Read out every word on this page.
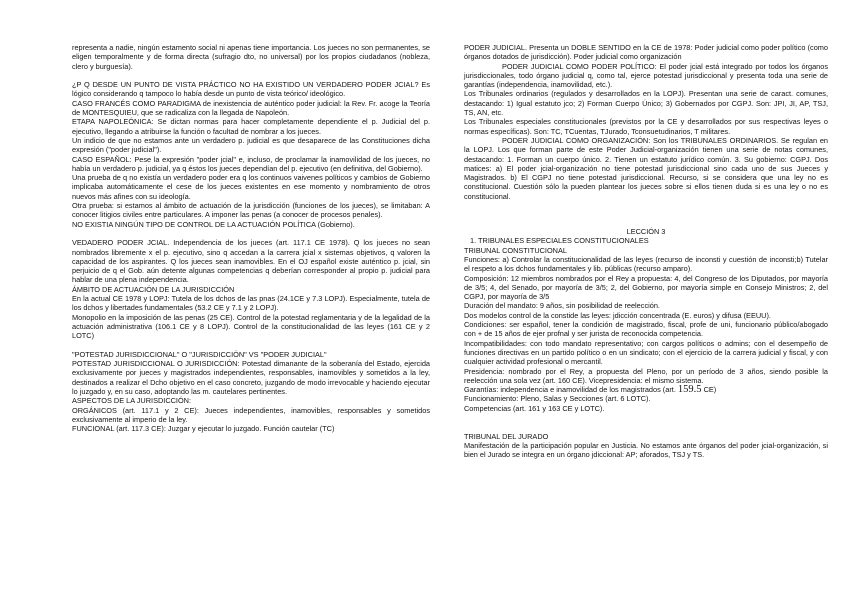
representa a nadie, ningún estamento social ni apenas tiene importancia. Los jueces no son permanentes, se eligen temporalmente y de forma directa (sufragio dto, no universal) por los propios ciudadanos (nobleza, clero y burguesía).

¿P Q DESDE UN PUNTO DE VISTA PRÁCTICO NO HA EXISTIDO UN VERDADERO PODER JCIAL? Es lógico considerando q tampoco lo había desde un punto de vista teórico/ ideológico.

CASO FRANCÉS COMO PARADIGMA de inexistencia de auténtico poder judicial: la Rev. Fr. acoge la Teoría de MONTESQUIEU, que se radicaliza con la llegada de Napoleón.

ETAPA NAPOLEÓNICA: Se dictan normas para hacer completamente dependiente el p. Judicial del p. ejecutivo, llegando a atribuirse la función o facultad de nombrar a los jueces.

Un indicio de que no estamos ante un verdadero p. judicial es que desaparece de las Constituciones dicha expresión ("poder judicial").

CASO ESPAÑOL: Pese la expresión "poder jcial" e, incluso, de proclamar la inamovilidad de los jueces, no había un verdadero p. judicial, ya q éstos los jueces dependían del p. ejecutivo (en definitiva, del Gobierno).

Una prueba de q no existía un verdadero poder era q los continuos vaivenes políticos y cambios de Gobierno implicaba automáticamente el cese de los jueces existentes en ese momento y nombramiento de otros nuevos más afines con su ideología.

Otra prueba: si estamos al ámbito de actuación de la jurisdicción (funciones de los jueces), se limitaban: A conocer litigios civiles entre particulares. A imponer las penas (a conocer de procesos penales).

NO EXISTIA NINGÚN TIPO DE CONTROL DE LA ACTUACIÓN POLÍTICA (Gobierno).

VEDADERO PODER JCIAL. Independencia de los jueces (art. 117.1 CE 1978). Q los jueces no sean nombrados libremente x el p. ejecutivo, sino q accedan a la carrera jcial x sistemas objetivos, q valoren la capacidad de los aspirantes. Q los jueces sean inamovibles. En el OJ español existe auténtico p. jcial, sin perjuicio de q el Gob. aún detente algunas competencias q deberían corresponder al propio p. judicial para hablar de una plena independencia.

ÁMBITO DE ACTUACIÓN DE LA JURISDICCIÓN

En la actual CE 1978 y LOPJ: Tutela de los dchos de las pnas (24.1CE y 7.3 LOPJ). Especialmente, tutela de los dchos y libertades fundamentales (53.2 CE y 7.1 y 2 LOPJ).

Monopolio en la imposición de las penas (25 CE). Control de la potestad reglamentaria y de la legalidad de la actuación administrativa (106.1 CE y 8 LOPJ). Control de la constitucionalidad de las leyes (161 CE y 2 LOTC)

"POTESTAD JURISDICCIONAL" O "JURISDICCIÓN" VS "PODER JUDICIAL"

POTESTAD JURISDICCIONAL O JURISDICCIÓN: Potestad dimanante de la soberanía del Estado, ejercida exclusivamente por jueces y magistrados independientes, responsables, inamovibles y sometidos a la ley, destinados a realizar el Dcho objetivo en el caso concreto, juzgando de modo irrevocable y haciendo ejecutar lo juzgado y, en su caso, adoptando las m. cautelares pertinentes.

ASPECTOS DE LA JURISDICCIÓN:

ORGÁNICOS (art. 117.1 y 2 CE): Jueces independientes, inamovibles, responsables y sometidos exclusivamente al imperio de la ley.

FUNCIONAL (art. 117.3 CE): Juzgar y ejecutar lo juzgado. Función cautelar (TC)

PODER JUDICIAL. Presenta un DOBLE SENTIDO en la CE de 1978: Poder judicial como poder político (como órganos dotados de jurisdicción). Poder judicial como organización

PODER JUDICIAL COMO PODER POLÍTICO: El poder jcial está integrado por todos los órganos jurisdiccionales, todo órgano judicial q, como tal, ejerce potestad jurisdiccional y presenta toda una serie de garantías (independencia, inamovilidad, etc.).

Los Tribunales ordinarios (regulados y desarrollados en la LOPJ). Presentan una serie de caract. comunes, destacando: 1) Igual estatuto jco; 2) Forman Cuerpo Único; 3) Gobernados por CGPJ. Son: JPI, JI, AP, TSJ, TS, AN, etc.

Los Tribunales especiales constitucionales (previstos por la CE y desarrollados por sus respectivas leyes o normas específicas). Son: TC, TCuentas, TJurado, Tconsuetudinarios, T militares.

PODER JUDICIAL COMO ORGANIZACIÓN: Son los TRIBUNALES ORDINARIOS. Se regulan en la LOPJ. Los que forman parte de este Poder Judicial-organización tienen una serie de notas comunes, destacando: 1. Forman un cuerpo único. 2. Tienen un estatuto jurídico común. 3. Su gobierno: CGPJ. Dos matices: a) El poder jcial-organización no tiene potestad jurisdiccional sino cada uno de sus Jueces y Magistrados. b) El CGPJ no tiene potestad jurisdiccional. Recurso, si se considera que una ley no es constitucional. Cuestión sólo la pueden plantear los jueces sobre si ellos tienen duda si es una ley o no es constitucional.

LECCIÓN 3

1. TRIBUNALES ESPECIALES CONSTITUCIONALES

TRIBUNAL CONSTITUCIONAL

Funciones: a) Controlar la constitucionalidad de las leyes (recurso de inconsti y cuestión de inconsti;b) Tutelar el respeto a los dchos fundamentales y lib. públicas (recurso amparo).

Composición: 12 miembros nombrados por el Rey a propuesta: 4, del Congreso de los Diputados, por mayoría de 3/5; 4, del Senado, por mayoría de 3/5; 2, del Gobierno, por mayoría simple en Consejo Ministros; 2, del CGPJ, por mayoría de 3/5

Duración del mandato: 9 años, sin posibilidad de reelección.

Dos modelos control de la constide las leyes: jdicción concentrada (E. euros) y difusa (EEUU).

Condiciones: ser español, tener la condición de magistrado, fiscal, profe de uni, funcionario público/abogado con + de 15 años de ejer profnal y ser jurista de reconocida competencia.

Incompatibilidades: con todo mandato representativo; con cargos políticos o admins; con el desempeño de funciones directivas en un partido político o en un sindicato; con el ejercicio de la carrera judicial y fiscal, y con cualquier actividad profesional o mercantil.

Presidencia: nombrado por el Rey, a propuesta del Pleno, por un período de 3 años, siendo posible la reelección una sola vez (art. 160 CE). Vicepresidencia: el mismo sistema.

Garantías: independencia e inamovilidad de los magistrados (art. 159.5 CE)

Funcionamiento: Pleno, Salas y Secciones (art. 6 LOTC).

Competencias (art. 161 y 163 CE y LOTC).

TRIBUNAL DEL JURADO

Manifestación de la participación popular en Justicia. No estamos ante órganos del poder jcial-organización, si bien el Jurado se integra en un órgano jdiccional: AP; aforados, TSJ y TS.
